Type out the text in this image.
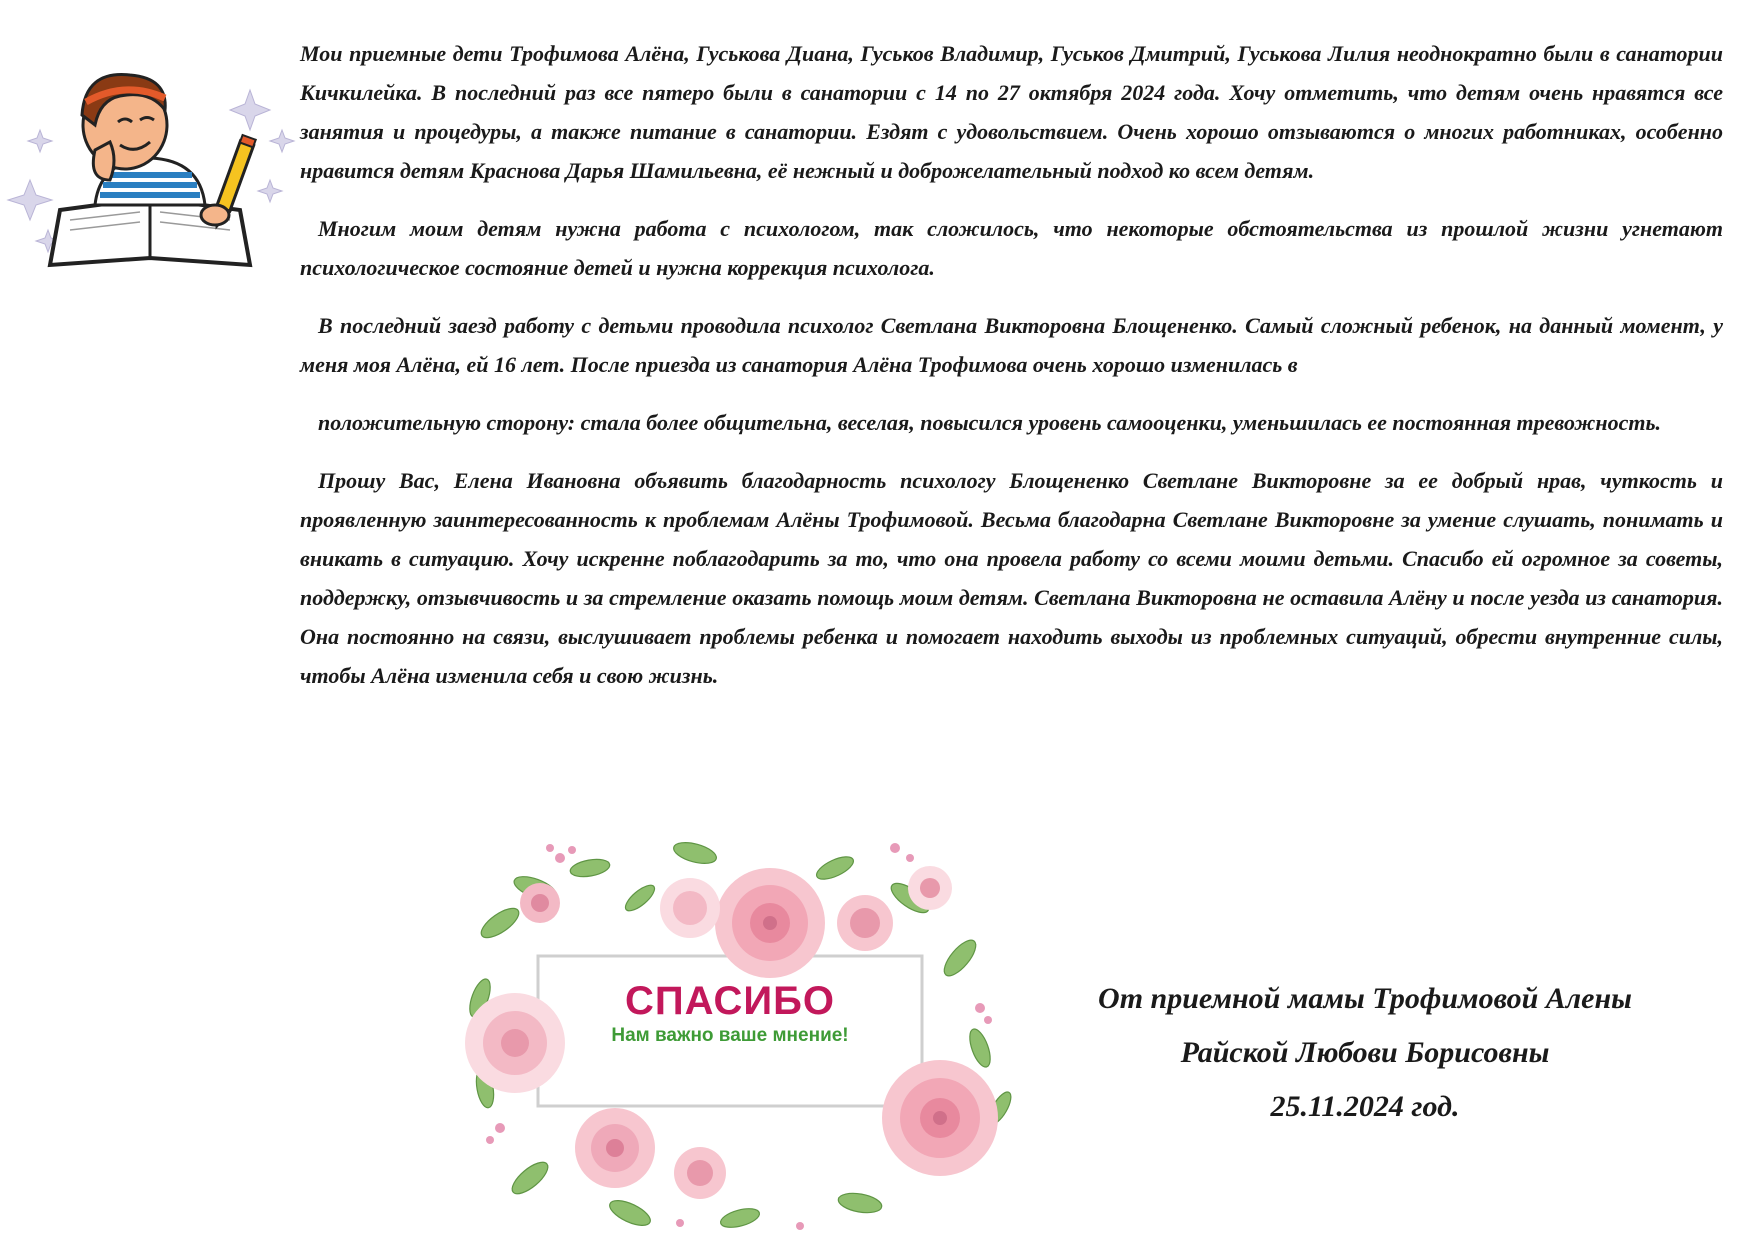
Мои приемные дети Трофимова Алёна, Гуськова Диана, Гуськов Владимир, Гуськов Дмитрий, Гуськова Лилия неоднократно были в санатории Кичкилейка. В последний раз все пятеро были в санатории с 14 по 27 октября 2024 года. Хочу отметить, что детям очень нравятся все занятия и процедуры, а также питание в санатории. Ездят с удовольствием. Очень хорошо отзываются о многих работниках, особенно нравится детям Краснова Дарья Шамильевна, её нежный и доброжелательный подход ко всем детям.

Многим моим детям нужна работа с психологом, так сложилось, что некоторые обстоятельства из прошлой жизни угнетают психологическое состояние детей и нужна коррекция психолога.

В последний заезд работу с детьми проводила психолог Светлана Викторовна Блощененко. Самый сложный ребенок, на данный момент, у меня моя Алёна, ей 16 лет. После приезда из санатория Алёна Трофимова очень хорошо изменилась в

положительную сторону: стала более общительна, веселая, повысился уровень самооценки, уменьшилась ее постоянная тревожность.

Прошу Вас, Елена Ивановна объявить благодарность психологу Блощененко Светлане Викторовне за ее добрый нрав, чуткость и проявленную заинтересованность к проблемам Алёны Трофимовой. Весьма благодарна Светлане Викторовне за умение слушать, понимать и вникать в ситуацию. Хочу искренне поблагодарить за то, что она провела работу со всеми моими детьми. Спасибо ей огромное за советы, поддержку, отзывчивость и за стремление оказать помощь моим детям. Светлана Викторовна не оставила Алёну и после уезда из санатория. Она постоянно на связи, выслушивает проблемы ребенка и помогает находить выходы из проблемных ситуаций, обрести внутренние силы, чтобы Алёна изменила себя и свою жизнь.

СПАСИБО
Нам важно ваше мнение!
От приемной мамы Трофимовой Алены
Райской Любови Борисовны
25.11.2024 год.
